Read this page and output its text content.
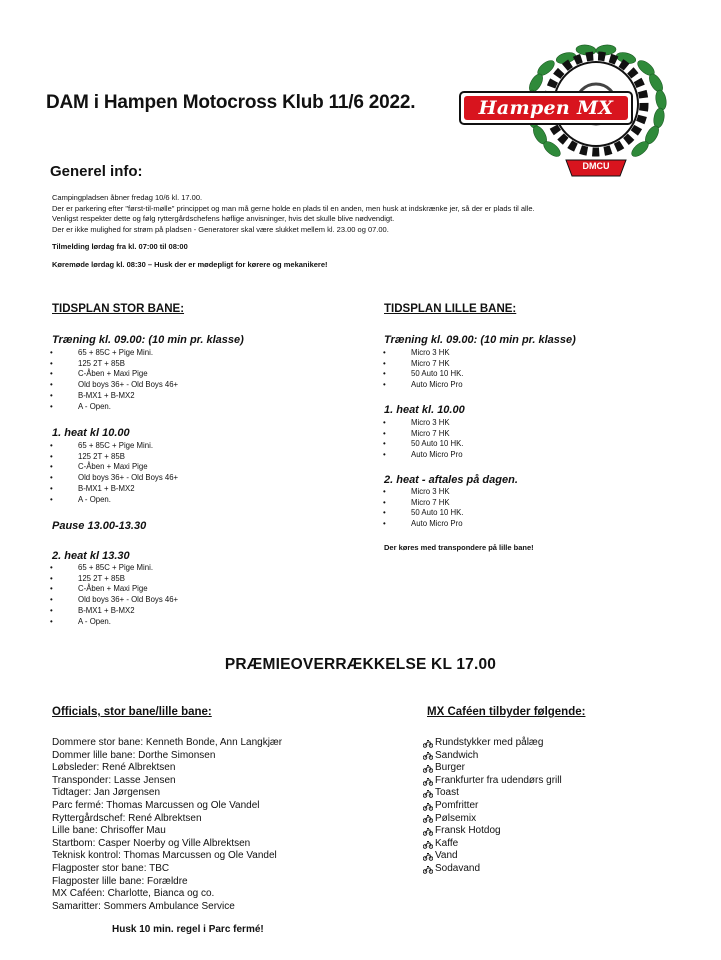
DAM i Hampen Motocross Klub 11/6 2022.	Hampen MX
DMCU
Generel info:
Campingpladsen åbner fredag 10/6 kl. 17.00.
Der er parkering efter "først-til-mølle" princippet og man må gerne holde en plads til en anden, men husk at indskrænke jer, så der er plads til alle.
Venligst respekter dette og følg ryttergårdschefens høflige anvisninger, hvis det skulle blive nødvendigt.
Der er ikke mulighed for strøm på pladsen - Generatorer skal være slukket mellem kl. 23.00 og 07.00.
Tilmelding lørdag fra kl. 07:00 til 08:00
Køremøde lørdag kl. 08:30 – Husk der er mødepligt for kørere og mekanikere!
TIDSPLAN STOR BANE:
Træning kl. 09.00: (10 min pr. klasse)
• 65 + 85C + Pige Mini.
• 125 2T + 85B
• C-Åben + Maxi Pige
• Old boys 36+ - Old Boys 46+
• B-MX1 + B-MX2
• A - Open.
1. heat kl 10.00
• 65 + 85C + Pige Mini.
• 125 2T + 85B
• C-Åben + Maxi Pige
• Old boys 36+ - Old Boys 46+
• B-MX1 + B-MX2
• A - Open.
Pause 13.00-13.30
2. heat kl 13.30
• 65 + 85C + Pige Mini.
• 125 2T + 85B
• C-Åben + Maxi Pige
• Old boys 36+ - Old Boys 46+
• B-MX1 + B-MX2
• A - Open.
TIDSPLAN LILLE BANE:
Træning kl. 09.00: (10 min pr. klasse)
• Micro 3 HK
• Micro 7 HK
• 50 Auto 10 HK.
• Auto Micro Pro
1. heat kl. 10.00
• Micro 3 HK
• Micro 7 HK
• 50 Auto 10 HK.
• Auto Micro Pro
2. heat - aftales på dagen.
• Micro 3 HK
• Micro 7 HK
• 50 Auto 10 HK.
• Auto Micro Pro
Der køres med transpondere på lille bane!
PRÆMIEOVERRÆKKELSE KL 17.00
Officials, stor bane/lille bane:
Dommere stor bane: Kenneth Bonde, Ann Langkjær
Dommer lille bane: Dorthe Simonsen
Løbsleder: René Albrektsen
Transponder: Lasse Jensen
Tidtager: Jan Jørgensen
Parc fermé: Thomas Marcussen og Ole Vandel
Ryttergårdschef: René Albrektsen
Lille bane: Chrisoffer Mau
Startbom: Casper Noerby og Ville Albrektsen
Teknisk kontrol: Thomas Marcussen og Ole Vandel
Flagposter stor bane: TBC
Flagposter lille bane: Forældre
MX Caféen: Charlotte, Bianca og co.
Samaritter: Sommers Ambulance Service
Husk 10 min. regel i Parc fermé!
MX Caféen tilbyder følgende:
Rundstykker med pålæg
Sandwich
Burger
Frankfurter fra udendørs grill
Toast
Pomfritter
Pølsemix
Fransk Hotdog
Kaffe
Vand
Sodavand
